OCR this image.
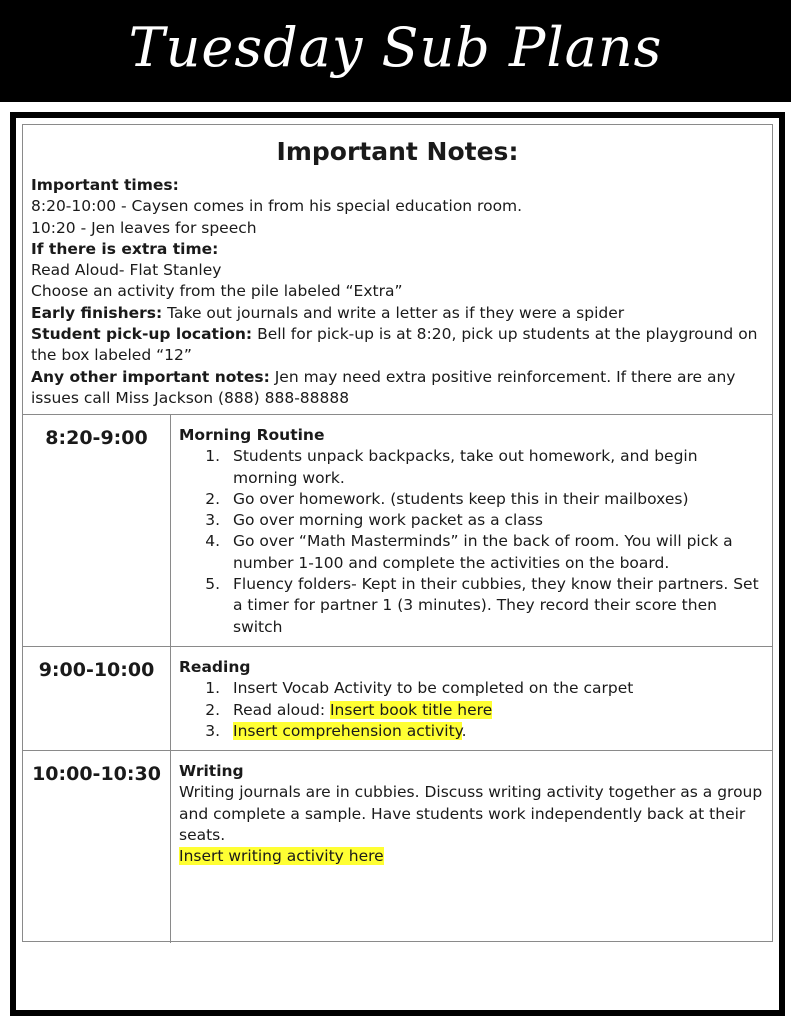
Tuesday Sub Plans
Important Notes:
Important times:
8:20-10:00 - Caysen comes in from his special education room.
10:20 - Jen leaves for speech
If there is extra time:
Read Aloud- Flat Stanley
Choose an activity from the pile labeled “Extra”
Early finishers: Take out journals and write a letter as if they were a spider
Student pick-up location: Bell for pick-up is at 8:20, pick up students at the playground on the box labeled “12”
Any other important notes: Jen may need extra positive reinforcement. If there are any issues call Miss Jackson (888) 888-88888
8:20-9:00	Morning Routine
1. Students unpack backpacks, take out homework, and begin morning work.
2. Go over homework. (students keep this in their mailboxes)
3. Go over morning work packet as a class
4. Go over “Math Masterminds” in the back of room. You will pick a number 1-100 and complete the activities on the board.
5. Fluency folders- Kept in their cubbies, they know their partners. Set a timer for partner 1 (3 minutes). They record their score then switch
9:00-10:00	Reading
1. Insert Vocab Activity to be completed on the carpet
2. Read aloud: Insert book title here
3. Insert comprehension activity.
10:00-10:30	Writing
Writing journals are in cubbies. Discuss writing activity together as a group and complete a sample. Have students work independently back at their seats.
Insert writing activity here
